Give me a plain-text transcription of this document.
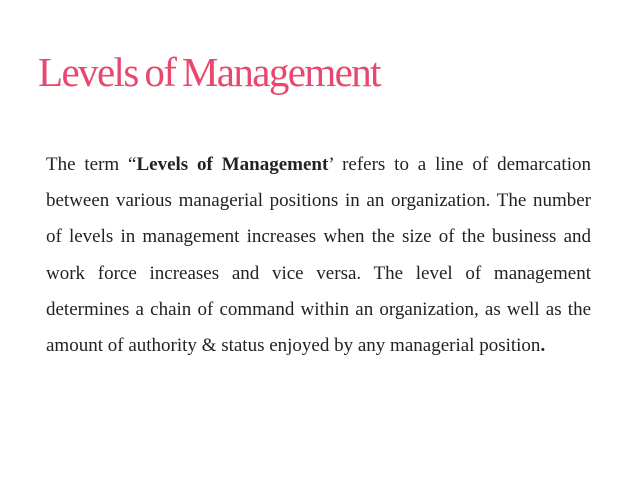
Levels of Management

The term “Levels of Management’ refers to a line of demarcation between various managerial positions in an organization. The number of levels in management increases when the size of the business and work force increases and vice versa. The level of management determines a chain of command within an organization, as well as the amount of authority & status enjoyed by any managerial position.
